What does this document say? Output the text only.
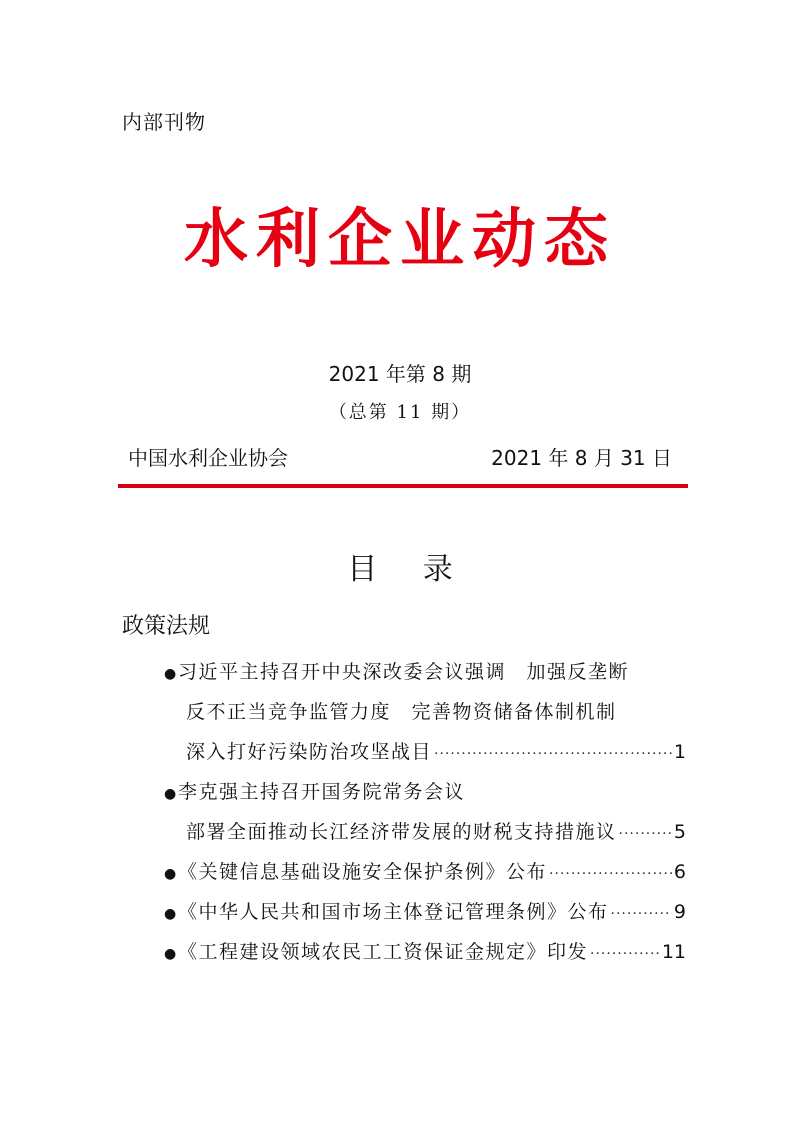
内部刊物
水利企业动态
2021 年第 8 期
（总第 11 期）
中国水利企业协会	2021 年 8 月 31 日
目 录
政策法规
● 习近平主持召开中央深改委会议强调　加强反垄断
反不正当竞争监管力度　完善物资储备体制机制
深入打好污染防治攻坚战目 ·····	1
● 李克强主持召开国务院常务会议
部署全面推动长江经济带发展的财税支持措施议 ·····	5
● 《关键信息基础设施安全保护条例》公布 ·····	6
● 《中华人民共和国市场主体登记管理条例》公布 ·····	9
● 《工程建设领域农民工工资保证金规定》印发 ·····	11
